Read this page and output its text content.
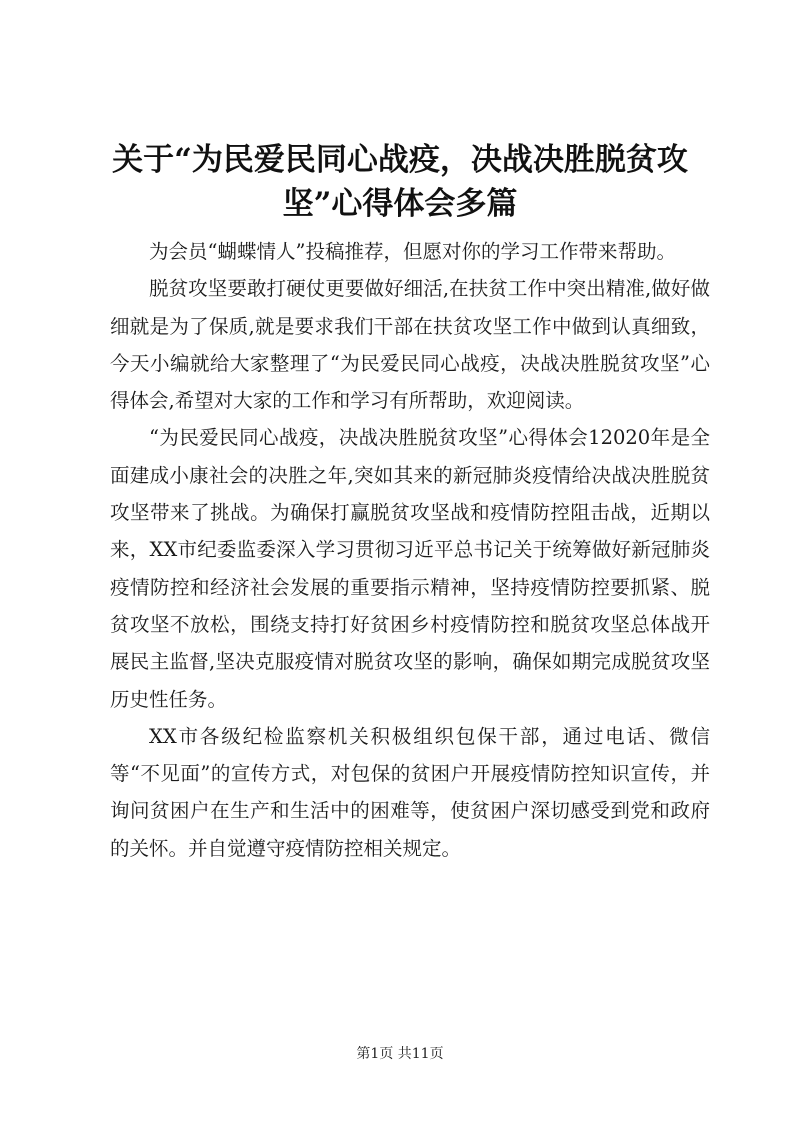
关于“为民爱民同心战疫，决战决胜脱贫攻坚”心得体会多篇

为会员“蝴蝶情人”投稿推荐，但愿对你的学习工作带来帮助。

脱贫攻坚要敢打硬仗更要做好细活,在扶贫工作中突出精准,做好做细就是为了保质,就是要求我们干部在扶贫攻坚工作中做到认真细致，今天小编就给大家整理了“为民爱民同心战疫，决战决胜脱贫攻坚”心得体会,希望对大家的工作和学习有所帮助，欢迎阅读。

“为民爱民同心战疫，决战决胜脱贫攻坚”心得体会12020年是全面建成小康社会的决胜之年,突如其来的新冠肺炎疫情给决战决胜脱贫攻坚带来了挑战。为确保打赢脱贫攻坚战和疫情防控阻击战，近期以来，XX市纪委监委深入学习贯彻习近平总书记关于统筹做好新冠肺炎疫情防控和经济社会发展的重要指示精神，坚持疫情防控要抓紧、脱贫攻坚不放松，围绕支持打好贫困乡村疫情防控和脱贫攻坚总体战开展民主监督,坚决克服疫情对脱贫攻坚的影响，确保如期完成脱贫攻坚历史性任务。

XX市各级纪检监察机关积极组织包保干部，通过电话、微信等“不见面”的宣传方式，对包保的贫困户开展疫情防控知识宣传，并询问贫困户在生产和生活中的困难等，使贫困户深切感受到党和政府的关怀。并自觉遵守疫情防控相关规定。

第1页 共11页
